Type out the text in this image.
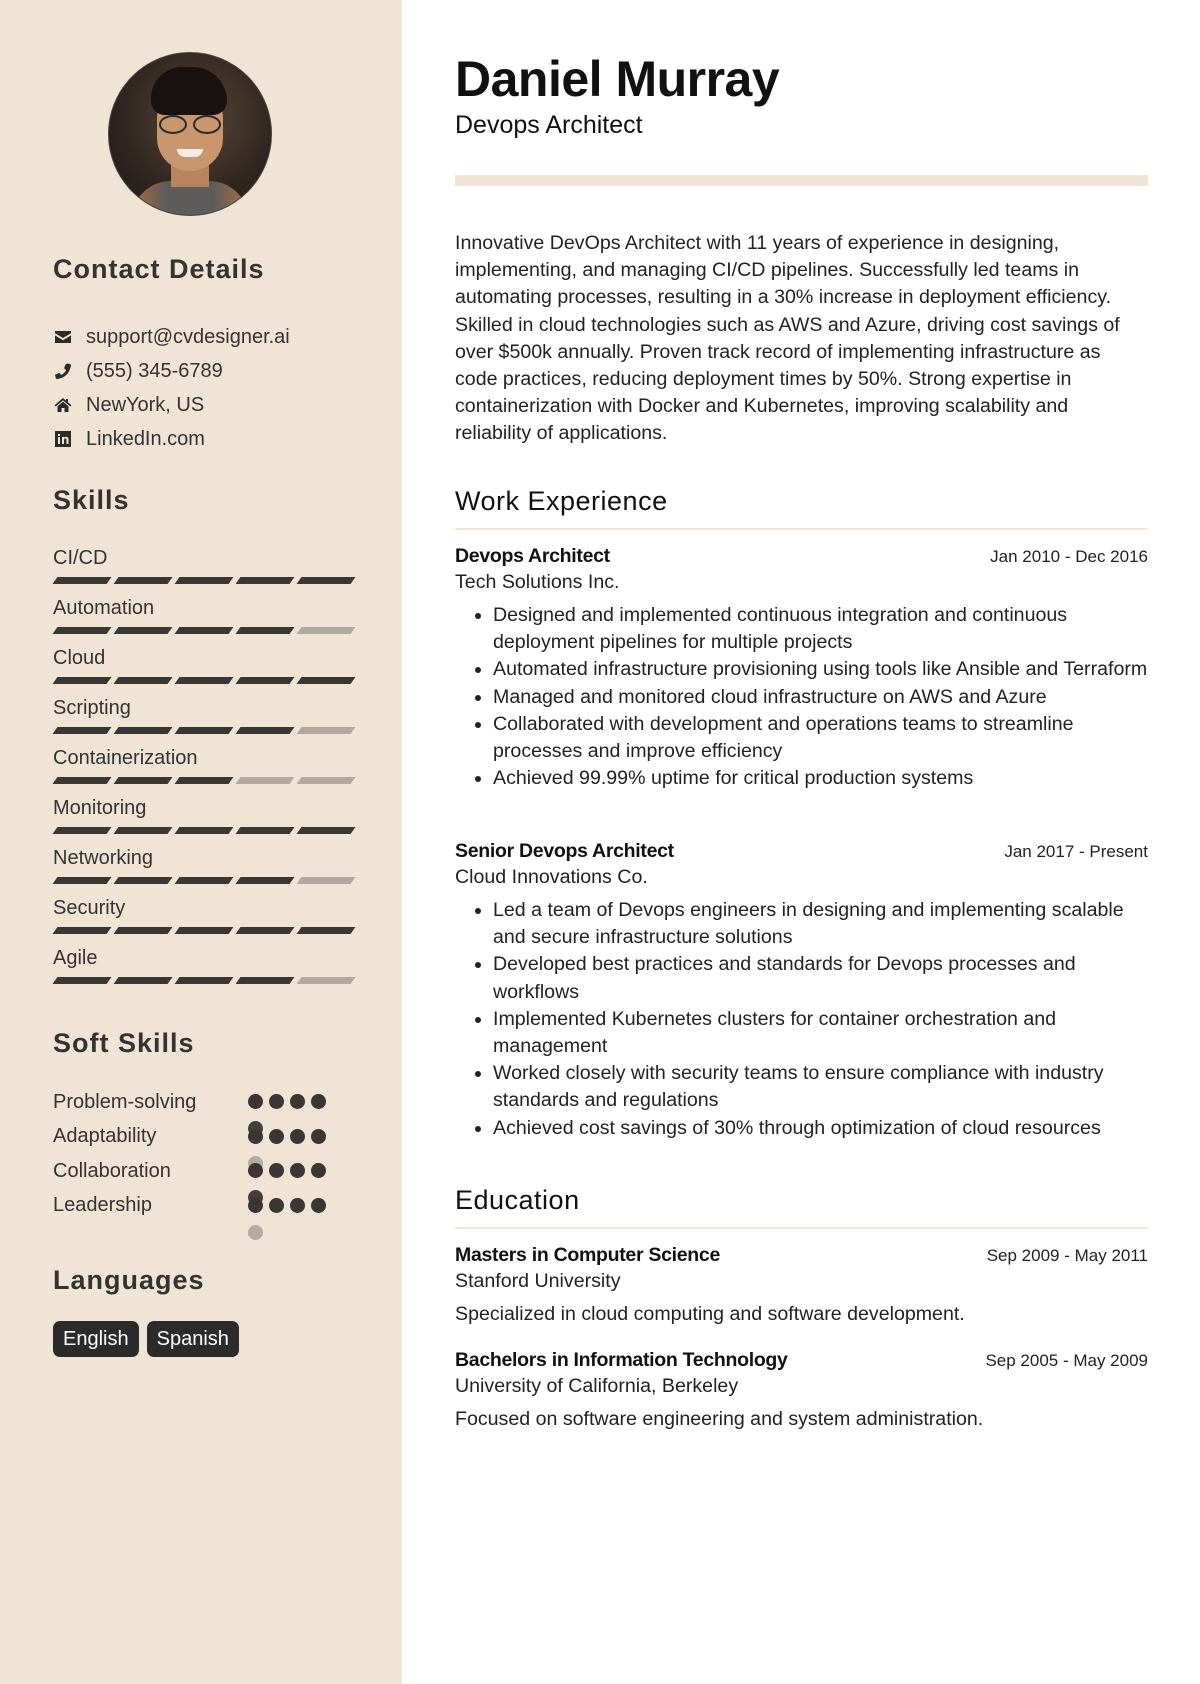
Contact Details
support@cvdesigner.ai
(555) 345-6789
NewYork, US
LinkedIn.com
Skills
CI/CD
Automation
Cloud
Scripting
Containerization
Monitoring
Networking
Security
Agile
Soft Skills
Problem-solving
Adaptability
Collaboration
Leadership
Languages
English	Spanish
Daniel Murray
Devops Architect

Innovative DevOps Architect with 11 years of experience in designing, implementing, and managing CI/CD pipelines. Successfully led teams in automating processes, resulting in a 30% increase in deployment efficiency. Skilled in cloud technologies such as AWS and Azure, driving cost savings of over $500k annually. Proven track record of implementing infrastructure as code practices, reducing deployment times by 50%. Strong expertise in containerization with Docker and Kubernetes, improving scalability and reliability of applications.

Work Experience
Devops Architect	Jan 2010 - Dec 2016
Tech Solutions Inc.
• Designed and implemented continuous integration and continuous deployment pipelines for multiple projects
• Automated infrastructure provisioning using tools like Ansible and Terraform
• Managed and monitored cloud infrastructure on AWS and Azure
• Collaborated with development and operations teams to streamline processes and improve efficiency
• Achieved 99.99% uptime for critical production systems
Senior Devops Architect	Jan 2017 - Present
Cloud Innovations Co.
• Led a team of Devops engineers in designing and implementing scalable and secure infrastructure solutions
• Developed best practices and standards for Devops processes and workflows
• Implemented Kubernetes clusters for container orchestration and management
• Worked closely with security teams to ensure compliance with industry standards and regulations
• Achieved cost savings of 30% through optimization of cloud resources
Education
Masters in Computer Science	Sep 2009 - May 2011
Stanford University
Specialized in cloud computing and software development.
Bachelors in Information Technology	Sep 2005 - May 2009
University of California, Berkeley
Focused on software engineering and system administration.
